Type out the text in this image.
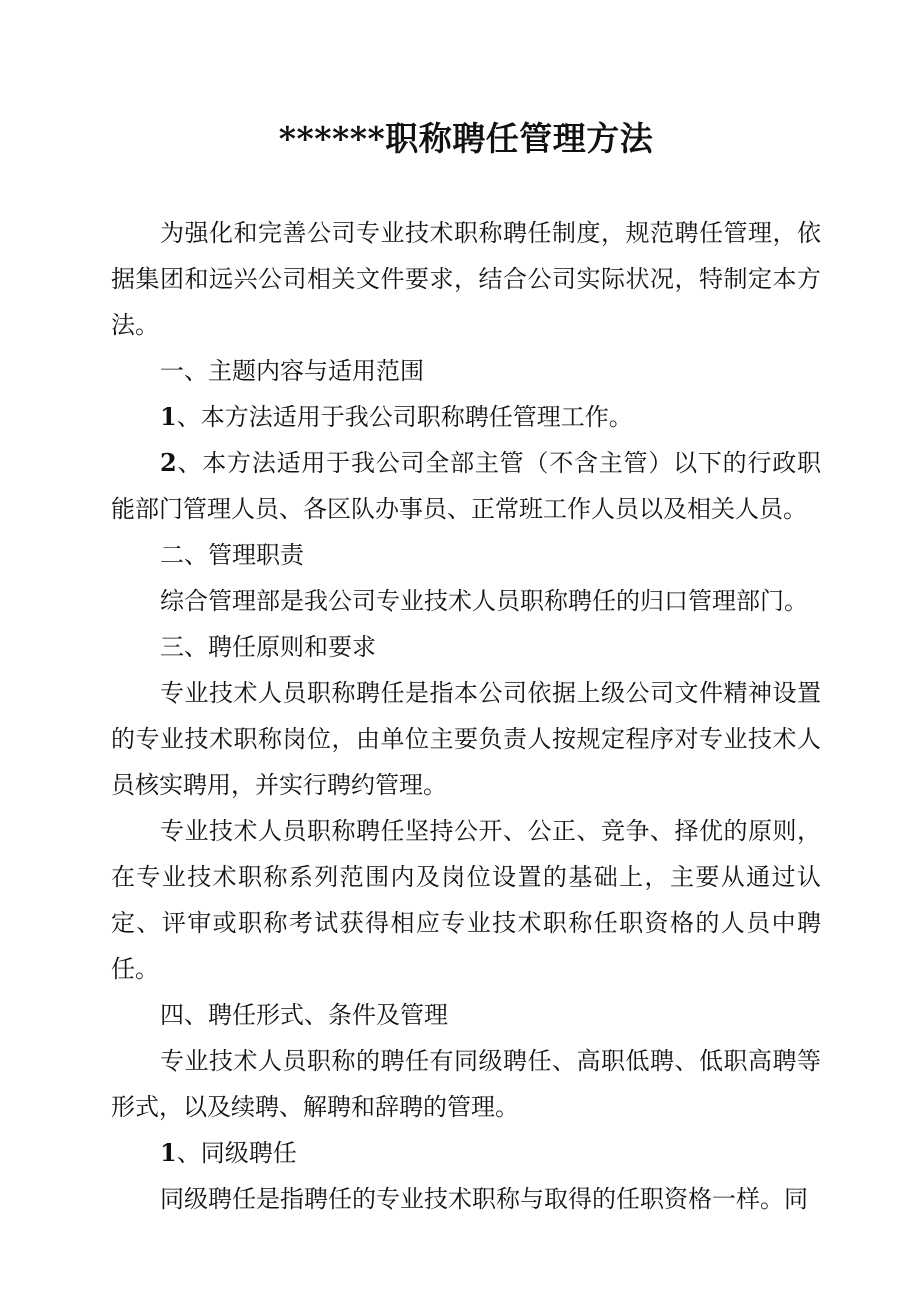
******职称聘任管理方法

为强化和完善公司专业技术职称聘任制度，规范聘任管理，依据集团和远兴公司相关文件要求，结合公司实际状况，特制定本方法。

一、主题内容与适用范围

1、本方法适用于我公司职称聘任管理工作。

2、本方法适用于我公司全部主管（不含主管）以下的行政职能部门管理人员、各区队办事员、正常班工作人员以及相关人员。

二、管理职责

综合管理部是我公司专业技术人员职称聘任的归口管理部门。

三、聘任原则和要求

专业技术人员职称聘任是指本公司依据上级公司文件精神设置的专业技术职称岗位，由单位主要负责人按规定程序对专业技术人员核实聘用，并实行聘约管理。

专业技术人员职称聘任坚持公开、公正、竞争、择优的原则，在专业技术职称系列范围内及岗位设置的基础上，主要从通过认定、评审或职称考试获得相应专业技术职称任职资格的人员中聘任。

四、聘任形式、条件及管理

专业技术人员职称的聘任有同级聘任、高职低聘、低职高聘等形式，以及续聘、解聘和辞聘的管理。

1、同级聘任

同级聘任是指聘任的专业技术职称与取得的任职资格一样。同
